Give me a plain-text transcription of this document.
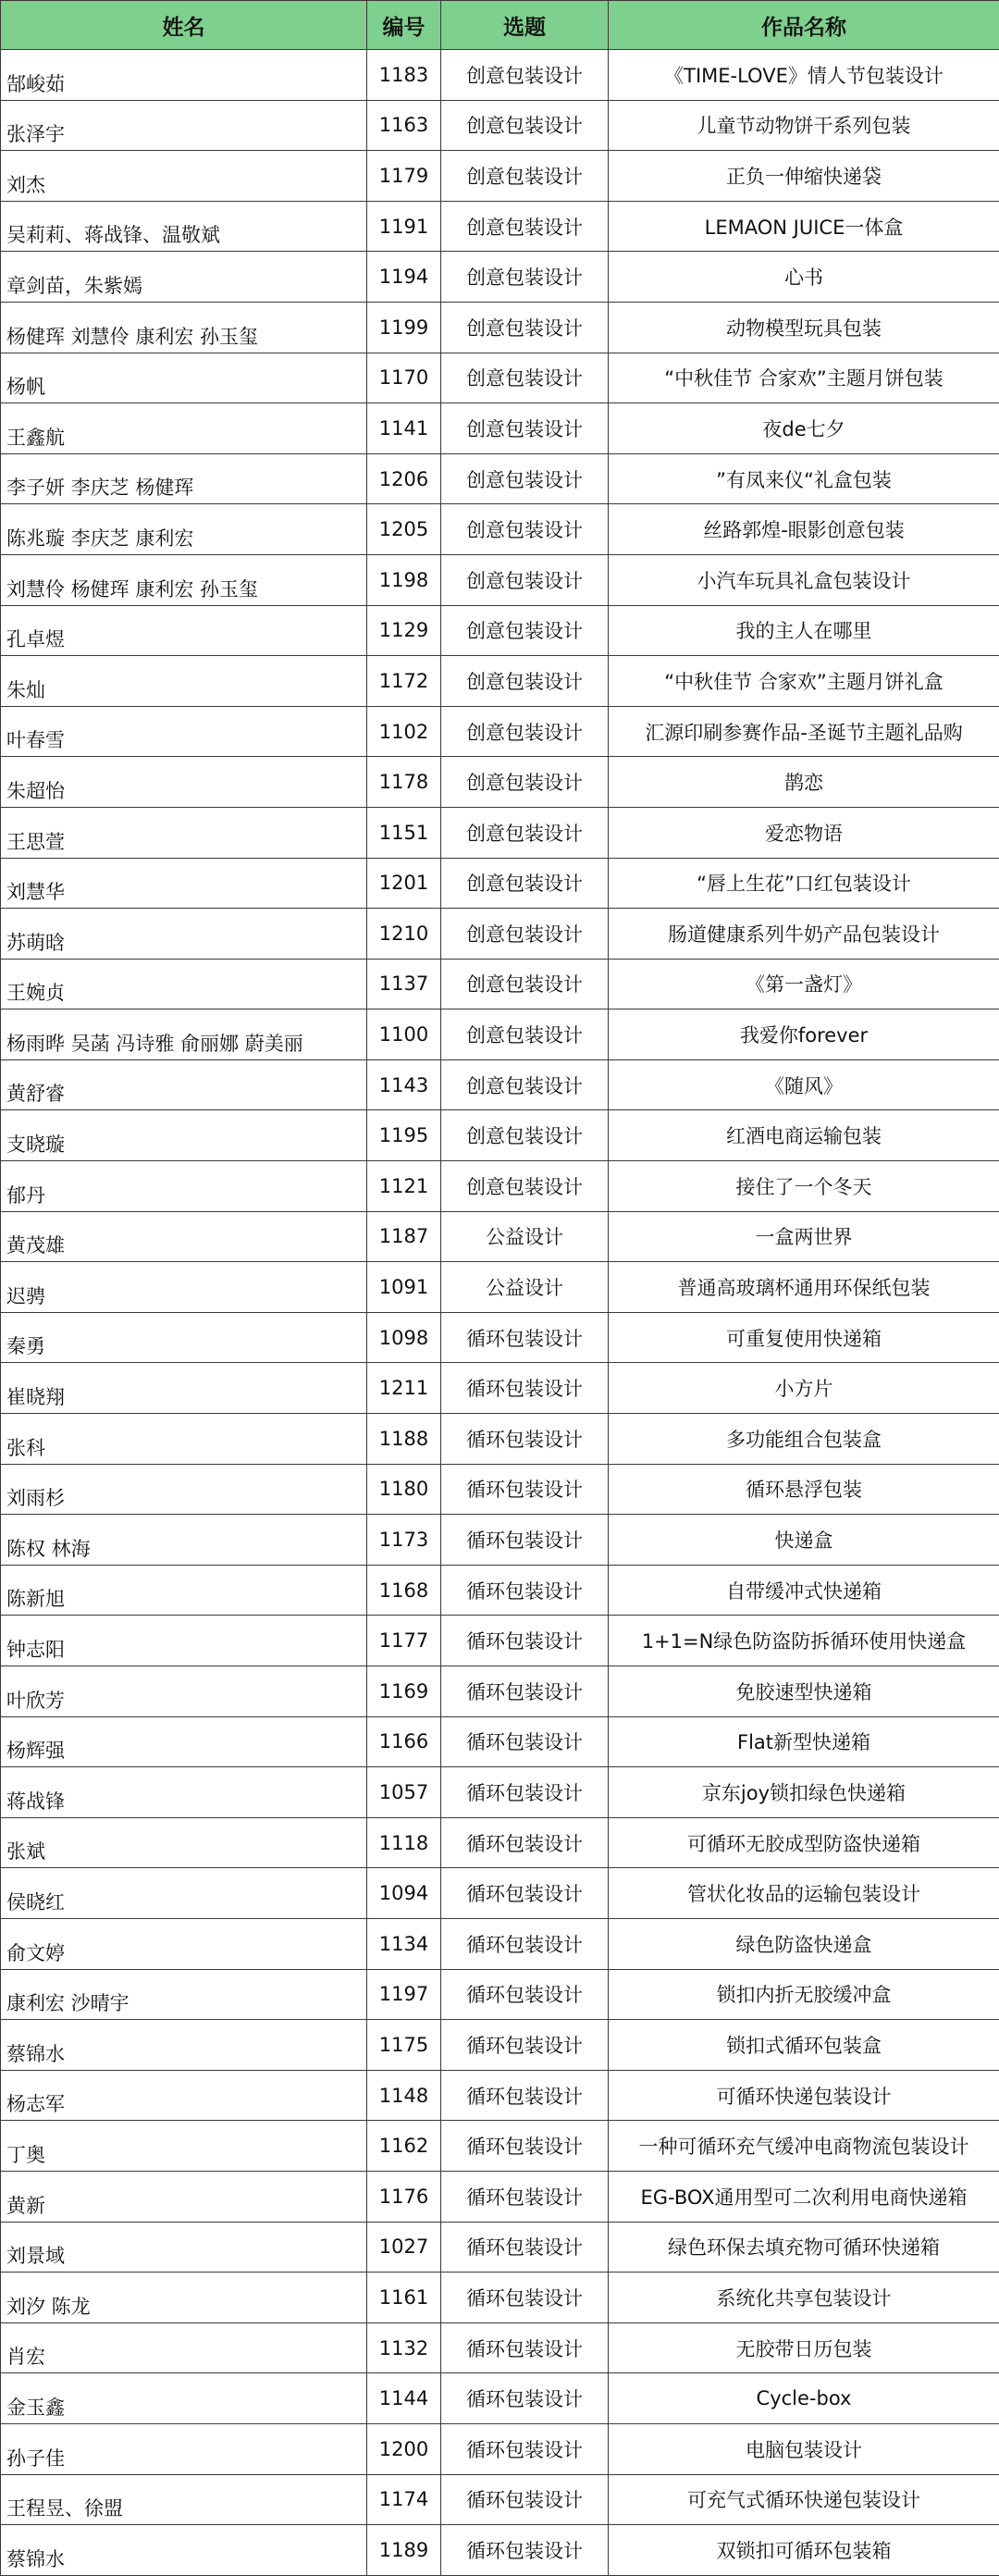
姓名	编号	选题	作品名称
郜峻茹	1183	创意包装设计	《TIME-LOVE》情人节包装设计
张泽宇	1163	创意包装设计	儿童节动物饼干系列包装
刘杰	1179	创意包装设计	正负一伸缩快递袋
吴莉莉、蒋战锋、温敬斌	1191	创意包装设计	LEMAON JUICE一体盒
章剑苗，朱紫嫣	1194	创意包装设计	心书
杨健珲 刘慧伶 康利宏 孙玉玺	1199	创意包装设计	动物模型玩具包装
杨帆	1170	创意包装设计	“中秋佳节 合家欢”主题月饼包装
王鑫航	1141	创意包装设计	夜de七夕
李子妍 李庆芝 杨健珲	1206	创意包装设计	”有凤来仪“礼盒包装
陈兆璇 李庆芝 康利宏	1205	创意包装设计	丝路郭煌-眼影创意包装
刘慧伶 杨健珲 康利宏 孙玉玺	1198	创意包装设计	小汽车玩具礼盒包装设计
孔卓煜	1129	创意包装设计	我的主人在哪里
朱灿	1172	创意包装设计	“中秋佳节 合家欢”主题月饼礼盒
叶春雪	1102	创意包装设计	汇源印刷参赛作品-圣诞节主题礼品购
朱超怡	1178	创意包装设计	鹊恋
王思萱	1151	创意包装设计	爱恋物语
刘慧华	1201	创意包装设计	“唇上生花”口红包装设计
苏萌晗	1210	创意包装设计	肠道健康系列牛奶产品包装设计
王婉贞	1137	创意包装设计	《第一盏灯》
杨雨晔 吴菡 冯诗雅 俞丽娜 蔚美丽	1100	创意包装设计	我爱你forever
黄舒睿	1143	创意包装设计	《随风》
支晓璇	1195	创意包装设计	红酒电商运输包装
郁丹	1121	创意包装设计	接住了一个冬天
黄茂雄	1187	公益设计	一盒两世界
迟骋	1091	公益设计	普通高玻璃杯通用环保纸包装
秦勇	1098	循环包装设计	可重复使用快递箱
崔晓翔	1211	循环包装设计	小方片
张科	1188	循环包装设计	多功能组合包装盒
刘雨杉	1180	循环包装设计	循环悬浮包装
陈权 林海	1173	循环包装设计	快递盒
陈新旭	1168	循环包装设计	自带缓冲式快递箱
钟志阳	1177	循环包装设计	1+1=N绿色防盗防拆循环使用快递盒
叶欣芳	1169	循环包装设计	免胶速型快递箱
杨辉强	1166	循环包装设计	Flat新型快递箱
蒋战锋	1057	循环包装设计	京东joy锁扣绿色快递箱
张斌	1118	循环包装设计	可循环无胶成型防盗快递箱
侯晓红	1094	循环包装设计	管状化妆品的运输包装设计
俞文婷	1134	循环包装设计	绿色防盗快递盒
康利宏 沙晴宇	1197	循环包装设计	锁扣内折无胶缓冲盒
蔡锦水	1175	循环包装设计	锁扣式循环包装盒
杨志军	1148	循环包装设计	可循环快递包装设计
丁奥	1162	循环包装设计	一种可循环充气缓冲电商物流包装设计
黄新	1176	循环包装设计	EG-BOX通用型可二次利用电商快递箱
刘景域	1027	循环包装设计	绿色环保去填充物可循环快递箱
刘汐 陈龙	1161	循环包装设计	系统化共享包装设计
肖宏	1132	循环包装设计	无胶带日历包装
金玉鑫	1144	循环包装设计	Cycle-box
孙子佳	1200	循环包装设计	电脑包装设计
王程昱、徐盟	1174	循环包装设计	可充气式循环快递包装设计
蔡锦水	1189	循环包装设计	双锁扣可循环包装箱
